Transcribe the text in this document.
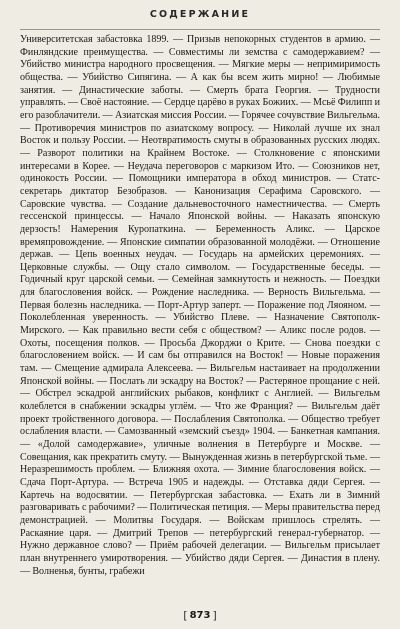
СОДЕРЖАНИЕ

Университетская забастовка 1899. — Призыв непокорных студентов в армию. — Финляндские преимущества. — Совместимы ли земства с самодержавием? — Убийство министра народного просвещения. — Мягкие меры — непримиримость общества. — Убийство Сипягина. — А как бы всем жить мирно! — Любимые занятия. — Династические заботы. — Смерть брата Георгия. — Трудности управлять. — Своё настояние. — Сердце царёво в руках Божиих. — Мсьё Филипп и его разоблачители. — Азиатская миссия России. — Горячее сочувствие Вильгельма. — Противоречия министров по азиатскому вопросу. — Николай лучше их знал Восток и пользу России. — Неотвратимость смуты в образованных русских людях. — Разворот политики на Крайнем Востоке. — Столкновение с японскими интересами в Корее. — Неудача переговоров с маркизом Ито. — Союзников нет, одинокость России. — Помощники императора в обход министров. — Статс-секретарь диктатор Безобразов. — Канонизация Серафима Саровского. — Саровские чувства. — Создание дальневосточного наместничества. — Смерть гессенской принцессы. — Начало Японской войны. — Наказать японскую дерзость! Намерения Куропаткина. — Беременность Аликс. — Царское времяпровождение. — Японские симпатии образованной молодёжи. — Отношение держав. — Цепь военных неудач. — Государь на армейских церемониях. — Церковные службы. — Ощу стало символом. — Государственные беседы. — Годичный круг царской семьи. — Семейная замкнутость и нежность. — Поездки для благословения войск. — Рождение наследника. — Верность Вильгельма. — Первая болезнь наследника. — Порт-Артур заперт. — Поражение под Ляояном. — Поколебленная уверенность. — Убийство Плеве. — Назначение Святополк-Мирского. — Как правильно вести себя с обществом? — Аликс после родов. — Охоты, посещения полков. — Просьба Джорджи о Крите. — Снова поездки с благословением войск. — И сам бы отправился на Восток! — Новые поражения там. — Смещение адмирала Алексеева. — Вильгельм настаивает на продолжении Японской войны. — Послать ли эскадру на Восток? — Растеряное прощание с ней. — Обстрел эскадрой английских рыбаков, конфликт с Англией. — Вильгельм колеблется в снабжении эскадры углём. — Что же Франция? — Вильгельм даёт проект тройственного договора. — Послабления Святополка. — Общество требует ослабления власти. — Самозванный «земский съезд» 1904. — Банкетная кампания. — «Долой самодержавие», уличные волнения в Петербурге и Москве. — Совещания, как прекратить смуту. — Вынужденная жизнь в петербургской тьме. — Неразрешимость проблем. — Ближняя охота. — Зимние благословения войск. — Сдача Порт-Артура. — Встреча 1905 и надежды. — Отставка дяди Сергея. — Картечь на водосвятии. — Петербургская забастовка. — Ехать ли в Зимний разговаривать с рабочими? — Политическая петиция. — Меры правительства перед демонстрацией. — Молитвы Государя. — Войскам пришлось стрелять. — Раскаяние царя. — Дмитрий Трепов — петербургский генерал-губернатор. — Нужно державное слово? — Приём рабочей делегации. — Вильгельм присылает план внутреннего умиротворения. — Убийство дяди Сергея. — Династия в плену. — Волненья, бунты, грабежи

[ 873 ]
